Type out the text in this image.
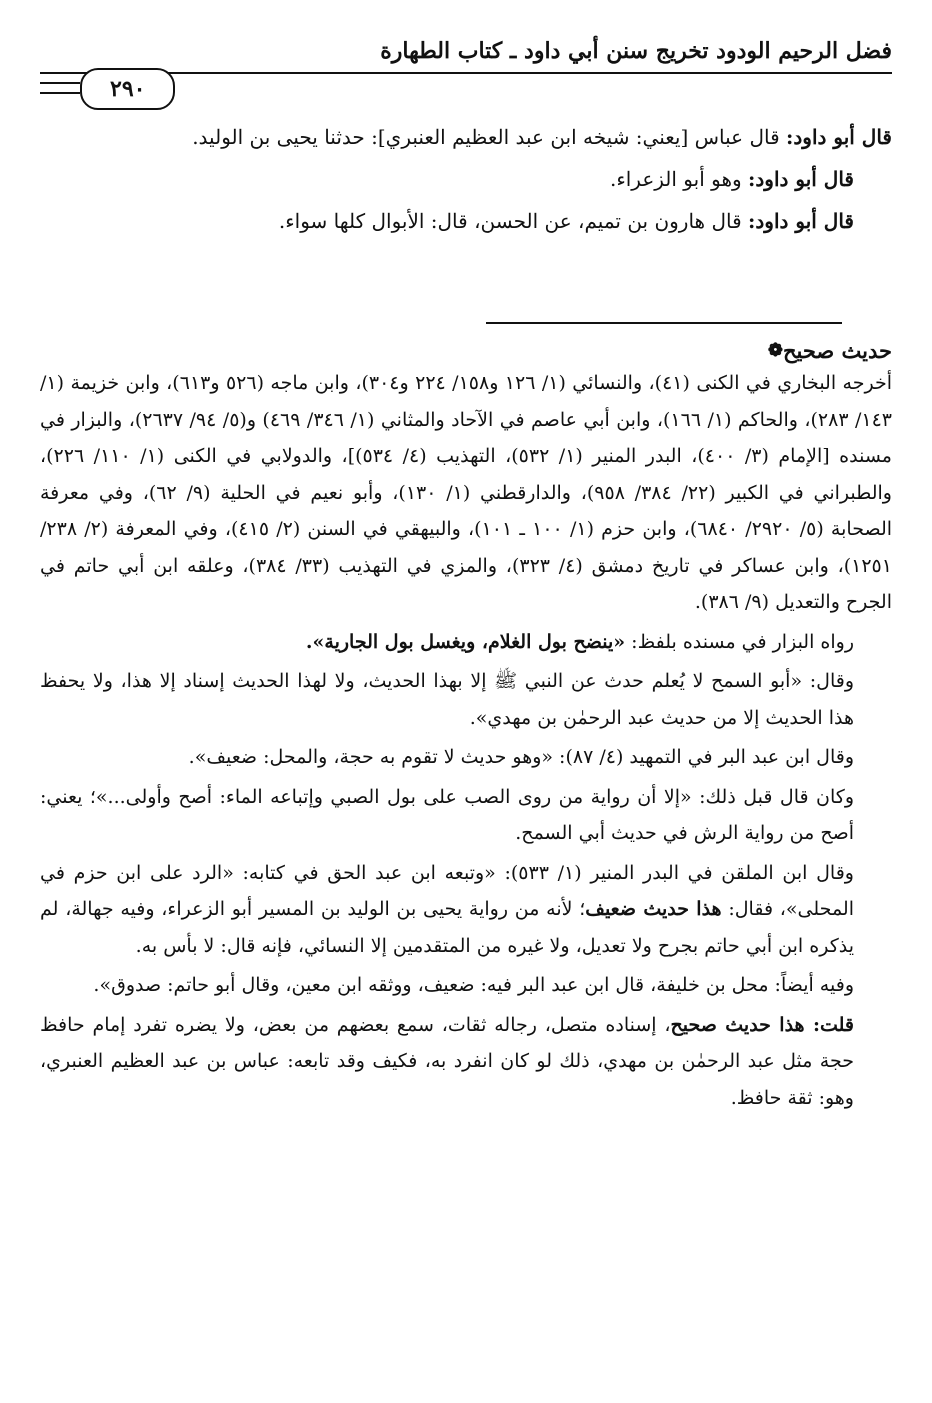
فضل الرحيم الودود تخريج سنن أبي داود ـ كتاب الطهارة
٢٩٠

قال أبو داود: قال عباس [يعني: شيخه ابن عبد العظيم العنبري]: حدثنا يحيى بن الوليد.

قال أبو داود: وهو أبو الزعراء.

قال أبو داود: قال هارون بن تميم، عن الحسن، قال: الأبوال كلها سواء.

❁ حديث صحيح

أخرجه البخاري في الكنى (٤١)، والنسائي (١/ ١٢٦ و١٥٨/ ٢٢٤ و٣٠٤)، وابن ماجه (٥٢٦ و٦١٣)، وابن خزيمة (١/ ١٤٣/ ٢٨٣)، والحاكم (١/ ١٦٦)، وابن أبي عاصم في الآحاد والمثاني (١/ ٣٤٦/ ٤٦٩) و(٥/ ٩٤/ ٢٦٣٧)، والبزار في مسنده [الإمام (٣/ ٤٠٠)، البدر المنير (١/ ٥٣٢)، التهذيب (٤/ ٥٣٤)]، والدولابي في الكنى (١/ ١١٠/ ٢٢٦)، والطبراني في الكبير (٢٢/ ٣٨٤/ ٩٥٨)، والدارقطني (١/ ١٣٠)، وأبو نعيم في الحلية (٩/ ٦٢)، وفي معرفة الصحابة (٥/ ٢٩٢٠/ ٦٨٤٠)، وابن حزم (١/ ١٠٠ ـ ١٠١)، والبيهقي في السنن (٢/ ٤١٥)، وفي المعرفة (٢/ ٢٣٨/ ١٢٥١)، وابن عساكر في تاريخ دمشق (٤/ ٣٢٣)، والمزي في التهذيب (٣٣/ ٣٨٤)، وعلقه ابن أبي حاتم في الجرح والتعديل (٩/ ٣٨٦).

رواه البزار في مسنده بلفظ: «ينضح بول الغلام، ويغسل بول الجارية».

وقال: «أبو السمح لا يُعلم حدث عن النبي ﷺ إلا بهذا الحديث، ولا لهذا الحديث إسناد إلا هذا، ولا يحفظ هذا الحديث إلا من حديث عبد الرحمٰن بن مهدي».

وقال ابن عبد البر في التمهيد (٤/ ٨٧): «وهو حديث لا تقوم به حجة، والمحل: ضعيف».

وكان قال قبل ذلك: «إلا أن رواية من روى الصب على بول الصبي وإتباعه الماء: أصح وأولى...»؛ يعني: أصح من رواية الرش في حديث أبي السمح.

وقال ابن الملقن في البدر المنير (١/ ٥٣٣): «وتبعه ابن عبد الحق في كتابه: «الرد على ابن حزم في المحلى»، فقال: هذا حديث ضعيف؛ لأنه من رواية يحيى بن الوليد بن المسير أبو الزعراء، وفيه جهالة، لم يذكره ابن أبي حاتم بجرح ولا تعديل، ولا غيره من المتقدمين إلا النسائي، فإنه قال: لا بأس به.

وفيه أيضاً: محل بن خليفة، قال ابن عبد البر فيه: ضعيف، ووثقه ابن معين، وقال أبو حاتم: صدوق».

قلت: هذا حديث صحيح، إسناده متصل، رجاله ثقات، سمع بعضهم من بعض، ولا يضره تفرد إمام حافظ حجة مثل عبد الرحمٰن بن مهدي، ذلك لو كان انفرد به، فكيف وقد تابعه: عباس بن عبد العظيم العنبري، وهو: ثقة حافظ.
